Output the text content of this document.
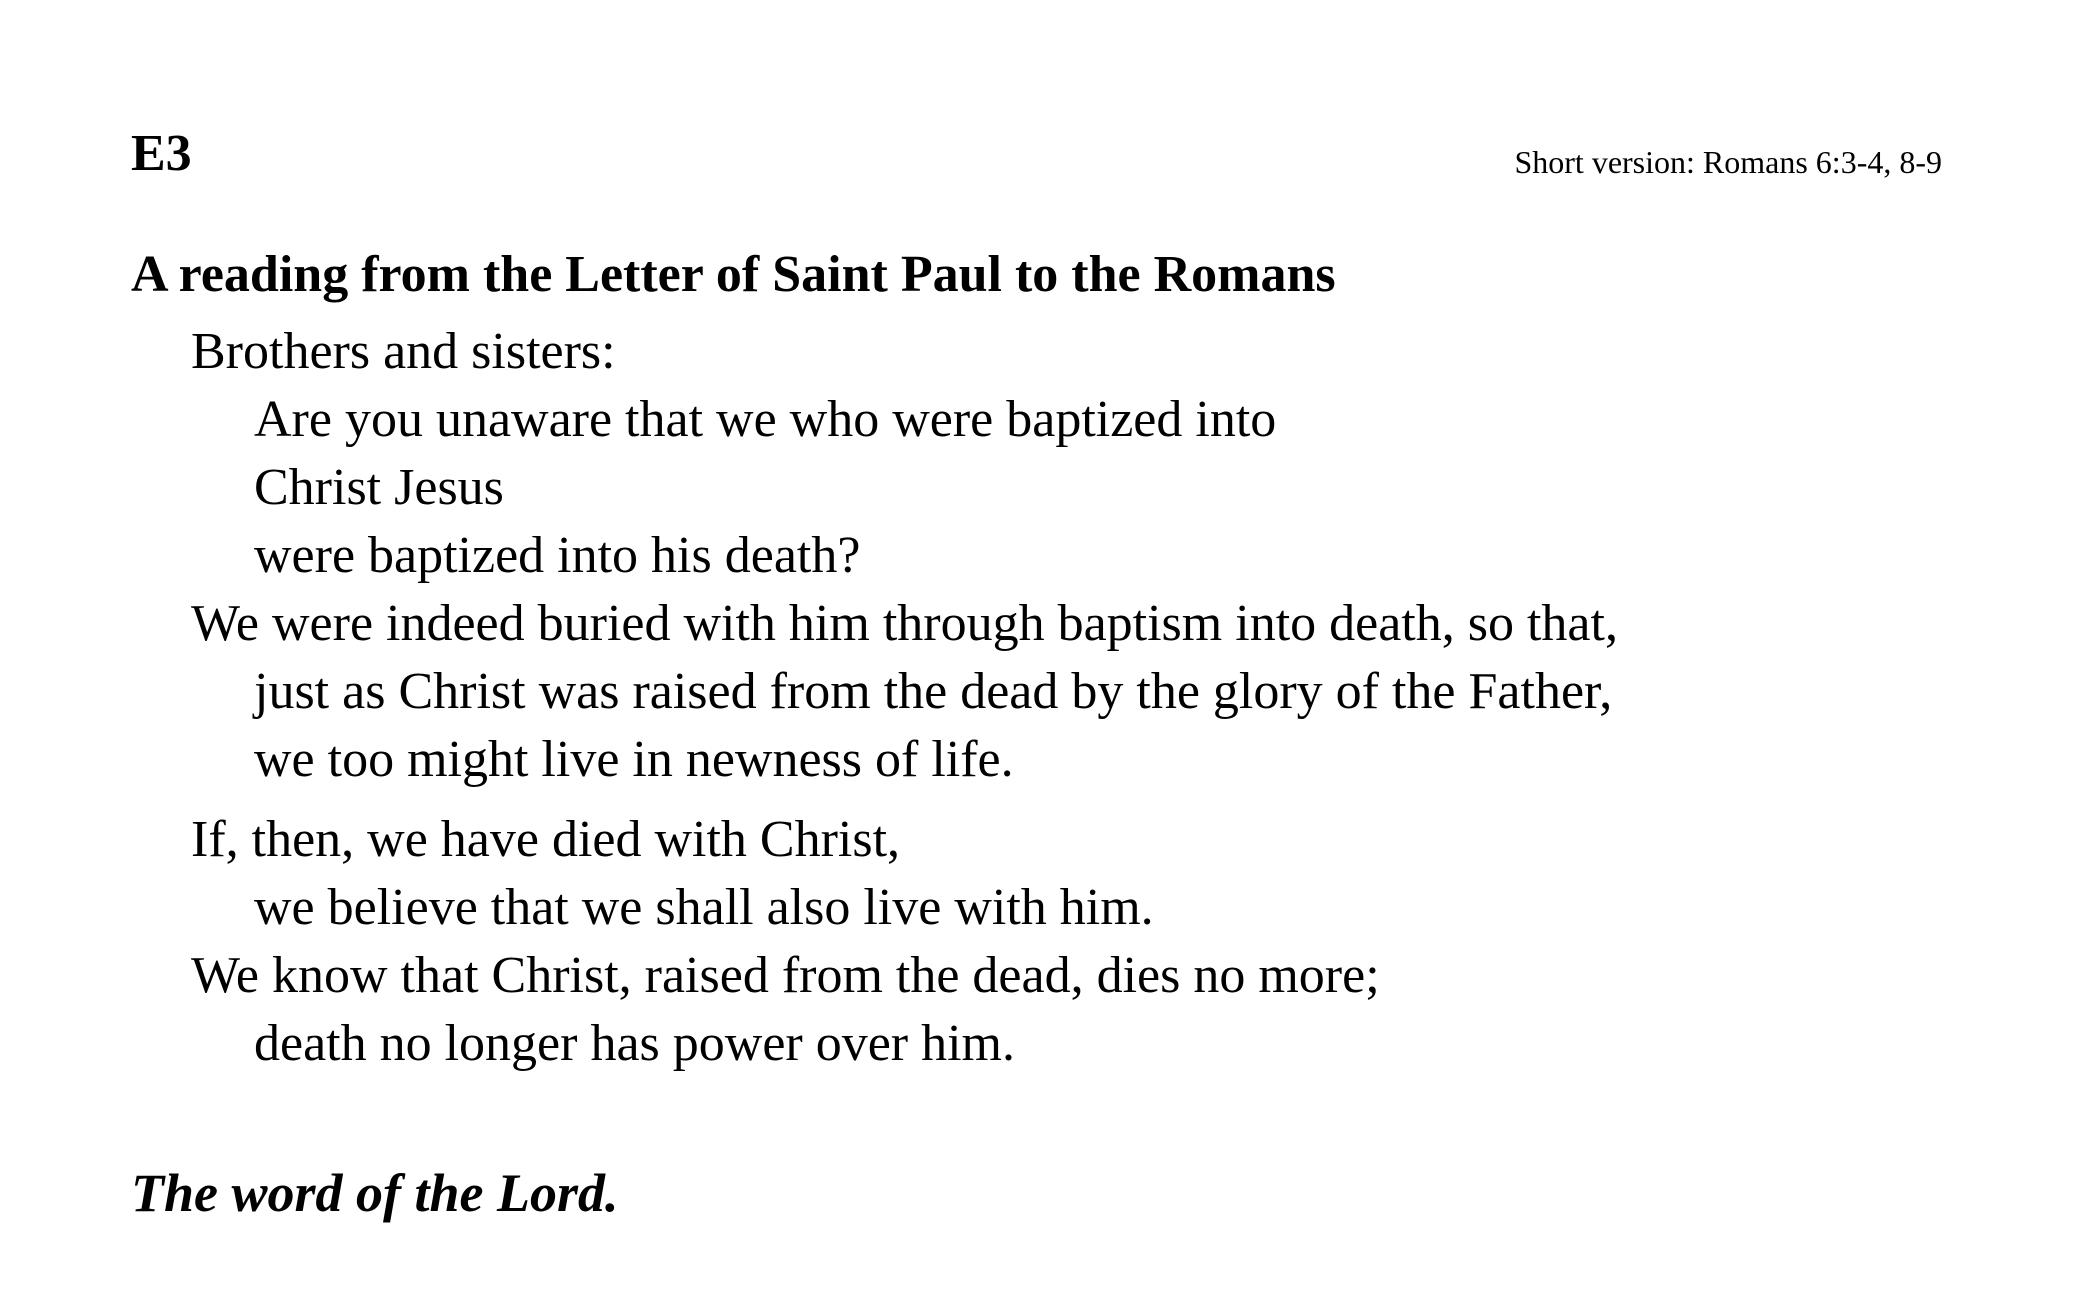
E3	Short version: Romans 6:3-4, 8-9
A reading from the Letter of Saint Paul to the Romans
Brothers and sisters:
Are you unaware that we who were baptized into
Christ Jesus
were baptized into his death?
We were indeed buried with him through baptism into death, so that,
just as Christ was raised from the dead by the glory of the Father,
we too might live in newness of life.
If, then, we have died with Christ,
we believe that we shall also live with him.
We know that Christ, raised from the dead, dies no more;
death no longer has power over him.
The word of the Lord.
